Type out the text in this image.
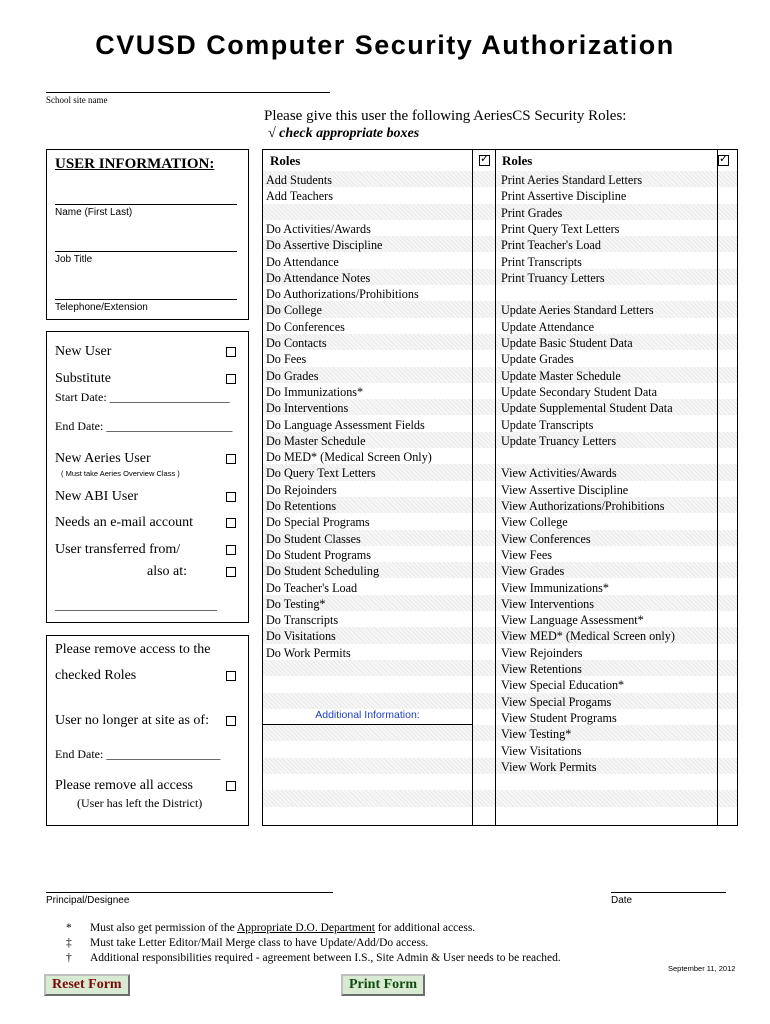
CVUSD Computer Security Authorization
School site name
Please give this user the following AeriesCS Security Roles:
√ check appropriate boxes
USER INFORMATION:
Name (First Last)
Job Title
Telephone/Extension
New User
Substitute
Start Date: ____________________
End Date: _____________________
New Aeries User
( Must take Aeries Overview Class )
New ABI User
Needs an e-mail account
User transferred from/
also at:
___________________________
Please remove access to the
checked Roles
User no longer at site as of:
End Date: ___________________
Please remove all access
(User has left the District)
Roles
✓	Roles
✓
Additional Information:
Add Students
Add Teachers
Do Activities/Awards
Do Assertive Discipline
Do Attendance
Do Attendance Notes
Do Authorizations/Prohibitions
Do College
Do Conferences
Do Contacts
Do Fees
Do Grades
Do Immunizations*
Do Interventions
Do Language Assessment Fields
Do Master Schedule
Do MED* (Medical Screen Only)
Do Query Text Letters
Do Rejoinders
Do Retentions
Do Special Programs
Do Student Classes
Do Student Programs
Do Student Scheduling
Do Teacher's Load
Do Testing*
Do Transcripts
Do Visitations
Do Work Permits
Print Aeries Standard Letters
Print Assertive Discipline
Print Grades
Print Query Text Letters
Print Teacher's Load
Print Transcripts
Print Truancy Letters
Update Aeries Standard Letters
Update Attendance
Update Basic Student Data
Update Grades
Update Master Schedule
Update Secondary Student Data
Update Supplemental Student Data
Update Transcripts
Update Truancy Letters
View Activities/Awards
View Assertive Discipline
View Authorizations/Prohibitions
View College
View Conferences
View Fees
View Grades
View Immunizations*
View Interventions
View Language Assessment*
View MED* (Medical Screen only)
View Rejoinders
View Retentions
View Special Education*
View Special Progams
View Student Programs
View Testing*
View Visitations
View Work Permits
Principal/Designee	Date
* Must also get permission of the Appropriate D.O. Department for additional access.
‡ Must take Letter Editor/Mail Merge class to have Update/Add/Do access.
† Additional responsibilities required - agreement between I.S., Site Admin & User needs to be reached.
September 11, 2012
Reset Form	Print Form
